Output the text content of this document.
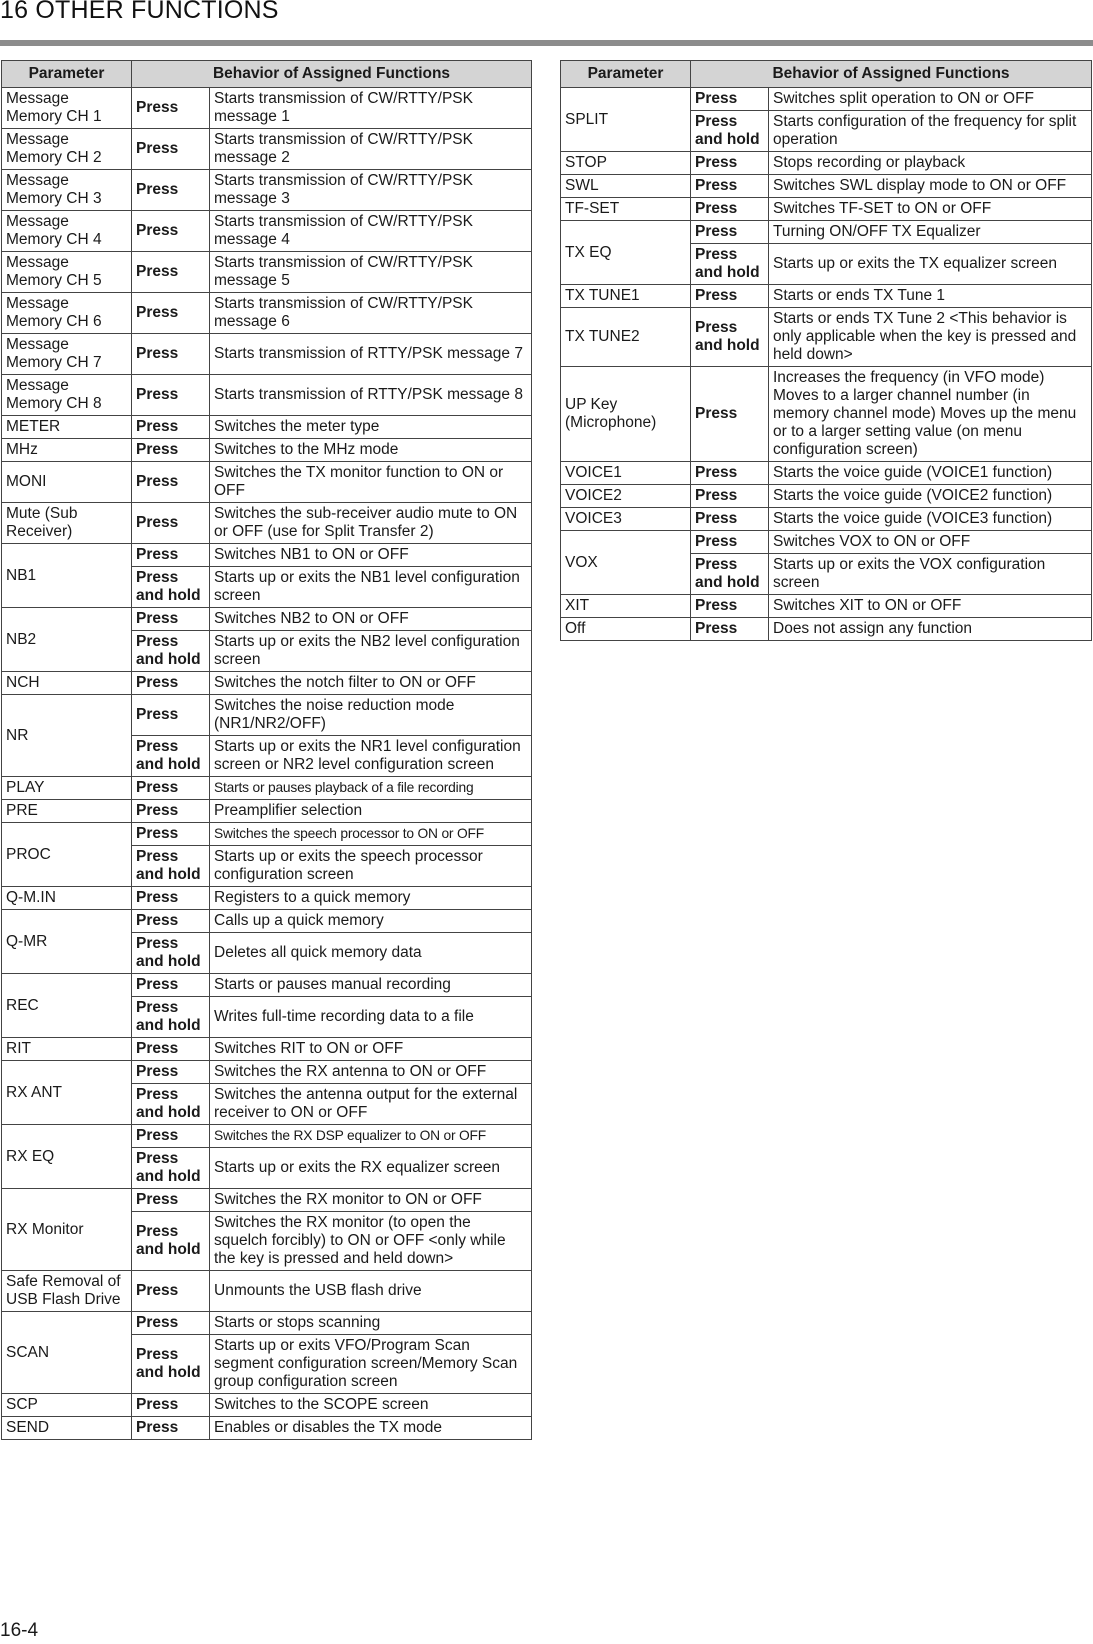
16 OTHER FUNCTIONS
Parameter	Behavior of Assigned Functions	
Message Memory CH 1	Press	Starts transmission of CW/RTTY/PSK message 1
Message Memory CH 2	Press	Starts transmission of CW/RTTY/PSK message 2
Message Memory CH 3	Press	Starts transmission of CW/RTTY/PSK message 3
Message Memory CH 4	Press	Starts transmission of CW/RTTY/PSK message 4
Message Memory CH 5	Press	Starts transmission of CW/RTTY/PSK message 5
Message Memory CH 6	Press	Starts transmission of CW/RTTY/PSK message 6
Message Memory CH 7	Press	Starts transmission of RTTY/PSK message 7
Message Memory CH 8	Press	Starts transmission of RTTY/PSK message 8
METER	Press	Switches the meter type
MHz	Press	Switches to the MHz mode
MONI	Press	Switches the TX monitor function to ON or OFF
Mute (Sub Receiver)	Press	Switches the sub-receiver audio mute to ON or OFF (use for Split Transfer 2)
NB1	Press	Switches NB1 to ON or OFF
	Press and hold	Starts up or exits the NB1 level configuration screen
NB2	Press	Switches NB2 to ON or OFF
	Press and hold	Starts up or exits the NB2 level configuration screen
NCH	Press	Switches the notch filter to ON or OFF
NR	Press	Switches the noise reduction mode (NR1/NR2/OFF)
	Press and hold	Starts up or exits the NR1 level configuration screen or NR2 level configuration screen
PLAY	Press	Starts or pauses playback of a file recording
PRE	Press	Preamplifier selection
PROC	Press	Switches the speech processor to ON or OFF
	Press and hold	Starts up or exits the speech processor configuration screen
Q-M.IN	Press	Registers to a quick memory
Q-MR	Press	Calls up a quick memory
	Press and hold	Deletes all quick memory data
REC	Press	Starts or pauses manual recording
	Press and hold	Writes full-time recording data to a file
RIT	Press	Switches RIT to ON or OFF
RX ANT	Press	Switches the RX antenna to ON or OFF
	Press and hold	Switches the antenna output for the external receiver to ON or OFF
RX EQ	Press	Switches the RX DSP equalizer to ON or OFF
	Press and hold	Starts up or exits the RX equalizer screen
RX Monitor	Press	Switches the RX monitor to ON or OFF
	Press and hold	Switches the RX monitor (to open the squelch forcibly) to ON or OFF <only while the key is pressed and held down>
Safe Removal of USB Flash Drive	Press	Unmounts the USB flash drive
SCAN	Press	Starts or stops scanning
	Press and hold	Starts up or exits VFO/Program Scan segment configuration screen/Memory Scan group configuration screen
SCP	Press	Switches to the SCOPE screen
SEND	Press	Enables or disables the TX mode
Parameter	Behavior of Assigned Functions	
SPLIT	Press	Switches split operation to ON or OFF
	Press and hold	Starts configuration of the frequency for split operation
STOP	Press	Stops recording or playback
SWL	Press	Switches SWL display mode to ON or OFF
TF-SET	Press	Switches TF-SET to ON or OFF
TX EQ	Press	Turning ON/OFF TX Equalizer
	Press and hold	Starts up or exits the TX equalizer screen
TX TUNE1	Press	Starts or ends TX Tune 1
TX TUNE2	Press and hold	Starts or ends TX Tune 2 <This behavior is only applicable when the key is pressed and held down>
UP Key (Microphone)	Press	Increases the frequency (in VFO mode) Moves to a larger channel number (in memory channel mode) Moves up the menu or to a larger setting value (on menu configuration screen)
VOICE1	Press	Starts the voice guide (VOICE1 function)
VOICE2	Press	Starts the voice guide (VOICE2 function)
VOICE3	Press	Starts the voice guide (VOICE3 function)
VOX	Press	Switches VOX to ON or OFF
	Press and hold	Starts up or exits the VOX configuration screen
XIT	Press	Switches XIT to ON or OFF
Off	Press	Does not assign any function
16-4
